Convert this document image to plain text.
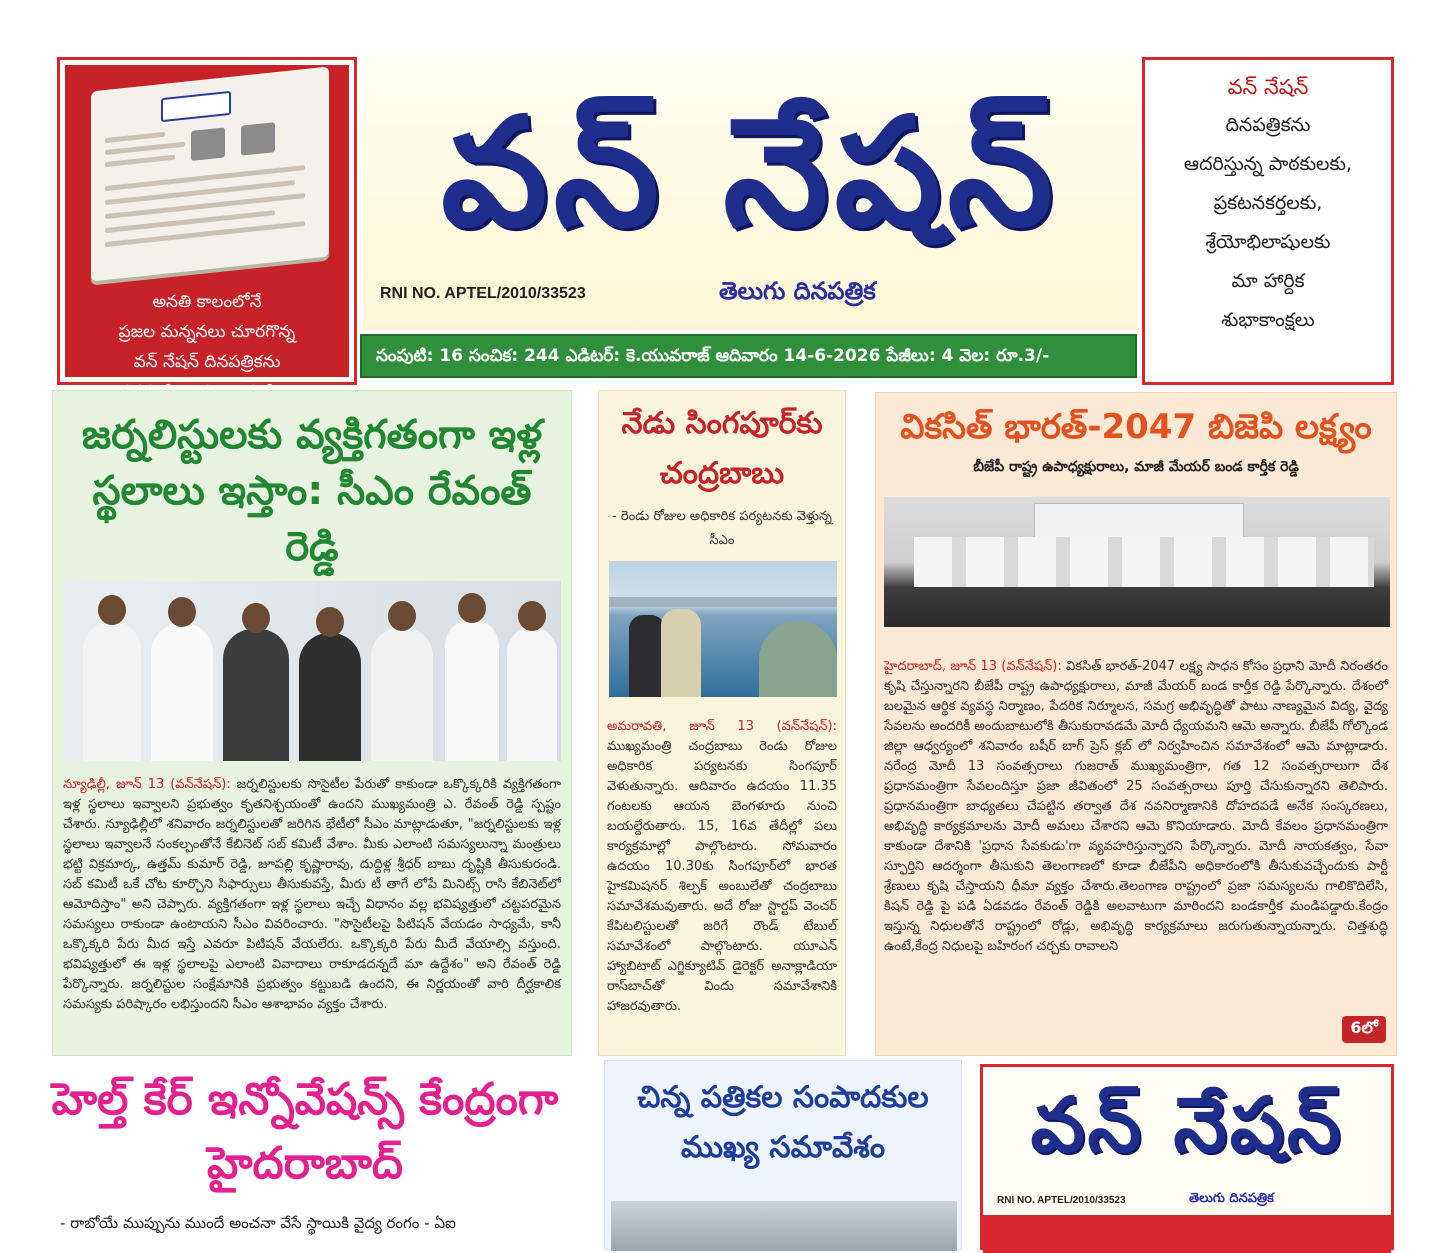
అనతి కాలంలోనే
ప్రజల మన్ననలు చూరగొన్న
వన్ నేషన్ దినపత్రికను
వన్ నేషన్
RNI NO. APTEL/2010/33523	తెలుగు దినపత్రిక
సంపుటి: 16 సంచిక: 244 ఎడిటర్: కె.యువరాజ్ ఆదివారం 14-6-2026 పేజీలు: 4 వెల: రూ.3/-
వన్ నేషన్
దినపత్రికను
ఆదరిస్తున్న పాఠకులకు,
ప్రకటనకర్తలకు,
శ్రేయోభిలాషులకు
మా హార్దిక
శుభాకాంక్షలు
జర్నలిస్టులకు వ్యక్తిగతంగా ఇళ్ల స్థలాలు ఇస్తాం: సీఎం రేవంత్ రెడ్డి
న్యూఢిల్లీ, జూన్ 13 (వన్‌నేషన్): జర్నలిస్టులకు సొసైటీల పేరుతో కాకుండా ఒక్కొక్కరికి వ్యక్తిగతంగా ఇళ్ల స్థలాలు ఇవ్వాలని ప్రభుత్వం కృతనిశ్చయంతో ఉందని ముఖ్యమంత్రి ఎ. రేవంత్ రెడ్డి స్పష్టం చేశారు. న్యూఢిల్లీలో శనివారం జర్నలిస్టులతో జరిగిన భేటీలో సీఎం మాట్లాడుతూ, "జర్నలిస్టులకు ఇళ్ల స్థలాలు ఇవ్వాలనే సంకల్పంతోనే కేబినెట్ సబ్ కమిటీ వేశాం. మీకు ఎలాంటి సమస్యలున్నా మంత్రులు భట్టి విక్రమార్క, ఉత్తమ్ కుమార్ రెడ్డి, జూపల్లి కృష్ణారావు, దుద్దిళ్ల శ్రీధర్ బాబు దృష్టికి తీసుకురండి. సబ్ కమిటీ ఒకే చోట కూర్చొని సిఫార్సులు తీసుకువస్తే, మీరు టీ తాగే లోపే మినిట్స్ రాసి కేబినెట్‌లో ఆమోదిస్తాం" అని చెప్పారు. వ్యక్తిగతంగా ఇళ్ల స్థలాలు ఇచ్చే విధానం వల్ల భవిష్యత్తులో చట్టపరమైన సమస్యలు రాకుండా ఉంటాయని సీఎం వివరించారు. "సొసైటీలపై పిటిషన్ వేయడం సాధ్యమే, కానీ ఒక్కొక్కరి పేరు మీద ఇస్తే ఎవరూ పిటిషన్ వేయలేరు. ఒక్కొక్కరి పేరు మీదే వేయాల్సి వస్తుంది. భవిష్యత్తులో ఈ ఇళ్ల స్థలాలపై ఎలాంటి వివాదాలు రాకూడదన్నదే మా ఉద్దేశం" అని రేవంత్ రెడ్డి పేర్కొన్నారు. జర్నలిస్టుల సంక్షేమానికి ప్రభుత్వం కట్టుబడి ఉందని, ఈ నిర్ణయంతో వారి దీర్ఘకాలిక సమస్యకు పరిష్కారం లభిస్తుందని సీఎం ఆశాభావం వ్యక్తం చేశారు.
నేడు సింగపూర్‌కు చంద్రబాబు
- రెండు రోజుల అధికారిక పర్యటనకు వెళ్తున్న సీఎం
అమరావతి, జూన్ 13 (వన్‌నేషన్): ముఖ్యమంత్రి చంద్రబాబు రెండు రోజుల అధికారిక పర్యటనకు సింగపూర్ వెళుతున్నారు. ఆదివారం ఉదయం 11.35 గంటలకు ఆయన బెంగళూరు నుంచి బయల్దేరుతారు. 15, 16వ తేదీల్లో పలు కార్యక్రమాల్లో పాల్గొంటారు. సోమవారం ఉదయం 10.30కు సింగపూర్‌లో భారత హైకమిషనర్ శిల్పక్ అంబులేతో చంద్రబాబు సమావేశమవుతారు. అదే రోజు స్టార్టప్ వెంచర్ కేపిటలిస్టులతో జరిగే రౌండ్ టేబుల్ సమావేశంలో పాల్గొంటారు. యూఎన్ హ్యాబిటాట్ ఎగ్జిక్యూటివ్ డైరెక్టర్ అనాక్లాడియా రాస్‌బాచ్‌తో విందు సమావేశానికి హాజరవుతారు.
వికసిత్ భారత్-2047 బిజెపి లక్ష్యం
బీజేపీ రాష్ట్ర ఉపాధ్యక్షురాలు, మాజీ మేయర్ బండ కార్తీక రెడ్డి
హైదరాబాద్, జూన్ 13 (వన్‌నేషన్): వికసిత్ భారత్-2047 లక్ష్య సాధన కోసం ప్రధాని మోదీ నిరంతరం కృషి చేస్తున్నారని బీజేపీ రాష్ట్ర ఉపాధ్యక్షురాలు, మాజీ మేయర్ బండ కార్తీక రెడ్డి పేర్కొన్నారు. దేశంలో బలమైన ఆర్థిక వ్యవస్థ నిర్మాణం, పేదరిక నిర్మూలన, సమగ్ర అభివృద్ధితో పాటు నాణ్యమైన విద్య, వైద్య సేవలను అందరికీ అందుబాటులోకి తీసుకురావడమే మోదీ ధ్యేయమని ఆమె అన్నారు. బీజేపీ గోల్కొండ జిల్లా ఆధ్వర్యంలో శనివారం బషీర్ బాగ్ ప్రెస్ క్లబ్ లో నిర్వహించిన సమావేశంలో ఆమె మాట్లాడారు. నరేంద్ర మోదీ 13 సంవత్సరాలు గుజరాత్ ముఖ్యమంత్రిగా, గత 12 సంవత్సరాలుగా దేశ ప్రధానమంత్రిగా సేవలందిస్తూ ప్రజా జీవితంలో 25 సంవత్సరాలు పూర్తి చేసుకున్నారని తెలిపారు. ప్రధానమంత్రిగా బాధ్యతలు చేపట్టిన తర్వాత దేశ నవనిర్మాణానికి దోహదపడే అనేక సంస్కరణలు, అభివృద్ధి కార్యక్రమాలను మోదీ అమలు చేశారని ఆమె కొనియాడారు. మోదీ కేవలం ప్రధానమంత్రిగా కాకుండా దేశానికి 'ప్రధాన సేవకుడు'గా వ్యవహరిస్తున్నారని పేర్కొన్నారు. మోదీ నాయకత్వం, సేవా స్ఫూర్తిని ఆదర్శంగా తీసుకుని తెలంగాణలో కూడా బీజేపీని అధికారంలోకి తీసుకువచ్చేందుకు పార్టీ శ్రేణులు కృషి చేస్తాయని ధీమా వ్యక్తం చేశారు.తెలంగాణ రాష్ట్రంలో ప్రజా సమస్యలను గాలికొదిలేసి, కిషన్ రెడ్డి పై పడి ఏడవడం రేవంత్ రెడ్డికి అలవాటుగా మారిందని బండకార్తీక మండిపడ్డారు.కేంద్రం ఇస్తున్న నిధులతోనే రాష్ట్రంలో రోడ్లు, అభివృద్ధి కార్యక్రమాలు జరుగుతున్నాయన్నారు. చిత్తశుద్ధి ఉంటే,కేంద్ర నిధులపై బహిరంగ చర్చకు రావాలని
6లో
హెల్త్ కేర్ ఇన్నోవేషన్స్ కేంద్రంగా హైదరాబాద్
- రాబోయే ముప్పును ముందే అంచనా వేసే స్థాయికి వైద్య రంగం - ఏఐ
చిన్న పత్రికల సంపాదకుల ముఖ్య సమావేశం	వన్ నేషన్
RNI NO. APTEL/2010/33523	తెలుగు దినపత్రిక
